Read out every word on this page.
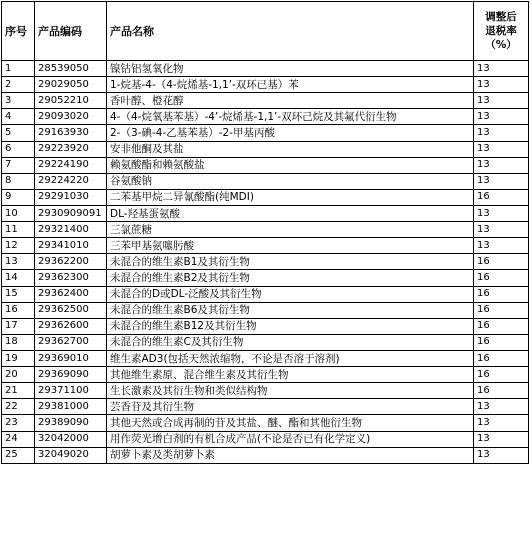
序号	产品编码	产品名称	调整后
退税率
（%）

1	28539050	镍钴铝氢氧化物	13
2	29029050	1-烷基-4-（4-烷烯基-1,1’-双环已基）苯	13
3	29052210	香叶醇、橙花醇	13
4	29093020	4-（4-烷氧基苯基）-4’-烷烯基-1,1’-双环己烷及其氟代衍生物	13
5	29163930	2-（3-碘-4-乙基苯基）-2-甲基丙酸	13
6	29223920	安非他酮及其盐	13
7	29224190	赖氨酸酯和赖氨酸盐	13
8	29224220	谷氨酸钠	13
9	29291030	二苯基甲烷二异氰酸酯(纯MDI)	16
10	2930909091	DL-羟基蛋氨酸	13
11	29321400	三氯蔗糖	13
12	29341010	三苯甲基氨噻肟酸	13
13	29362200	未混合的维生素B1及其衍生物	16
14	29362300	未混合的维生素B2及其衍生物	16
15	29362400	未混合的D或DL-泛酸及其衍生物	16
16	29362500	未混合的维生素B6及其衍生物	16
17	29362600	未混合的维生素B12及其衍生物	16
18	29362700	未混合的维生素C及其衍生物	16
19	29369010	维生素AD3(包括天然浓缩物，不论是否溶于溶剂)	16
20	29369090	其他维生素原、混合维生素及其衍生物	16
21	29371100	生长激素及其衍生物和类似结构物	16
22	29381000	芸香苷及其衍生物	13
23	29389090	其他天然或合成再制的苷及其盐、醚、酯和其他衍生物	13
24	32042000	用作荧光增白剂的有机合成产品(不论是否已有化学定义)	13
25	32049020	胡萝卜素及类胡萝卜素	13
